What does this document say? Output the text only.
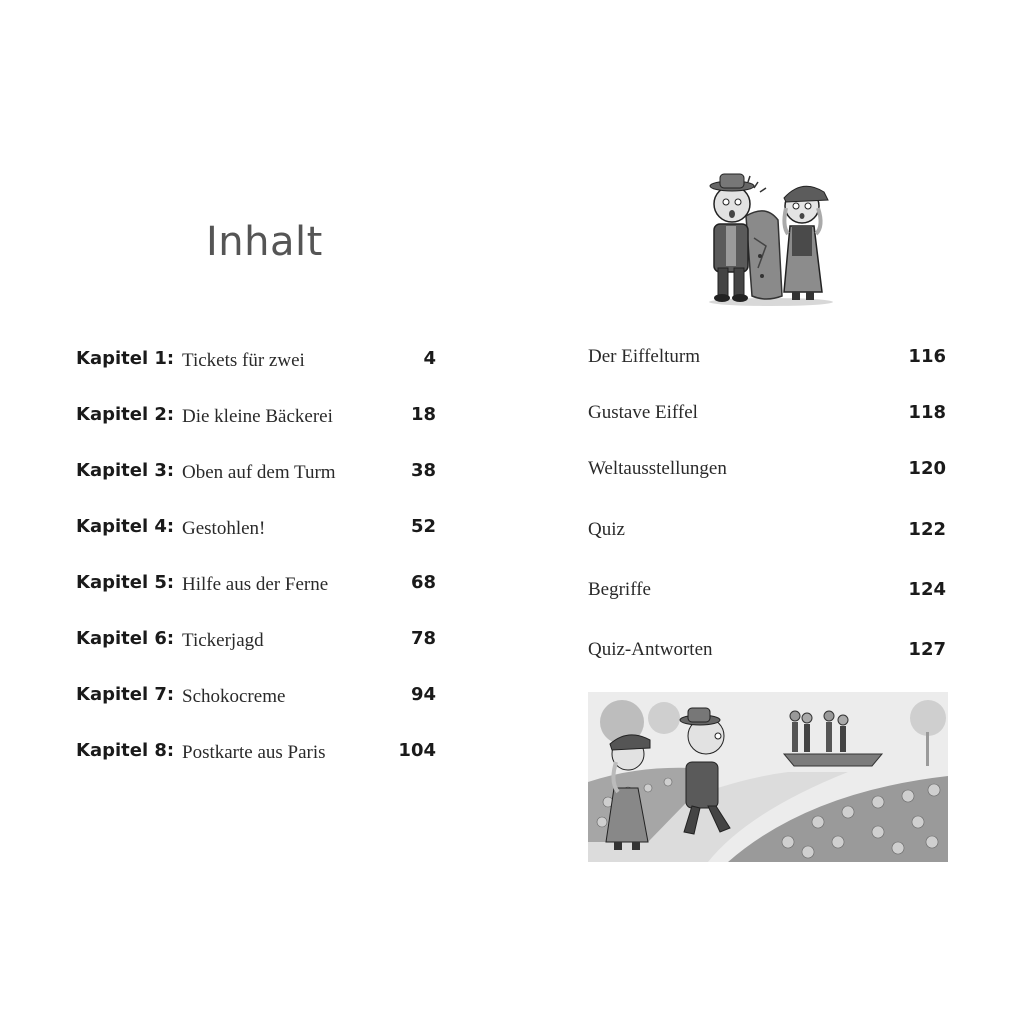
Inhalt
Kapitel 1: Tickets für zwei	4
Kapitel 2: Die kleine Bäckerei	18
Kapitel 3: Oben auf dem Turm	38
Kapitel 4: Gestohlen!	52
Kapitel 5: Hilfe aus der Ferne	68
Kapitel 6: Tickerjagd	78
Kapitel 7: Schokocreme	94
Kapitel 8: Postkarte aus Paris	104
Der Eiffelturm	116
Gustave Eiffel	118
Weltausstellungen	120
Quiz	122
Begriffe	124
Quiz-Antworten	127
